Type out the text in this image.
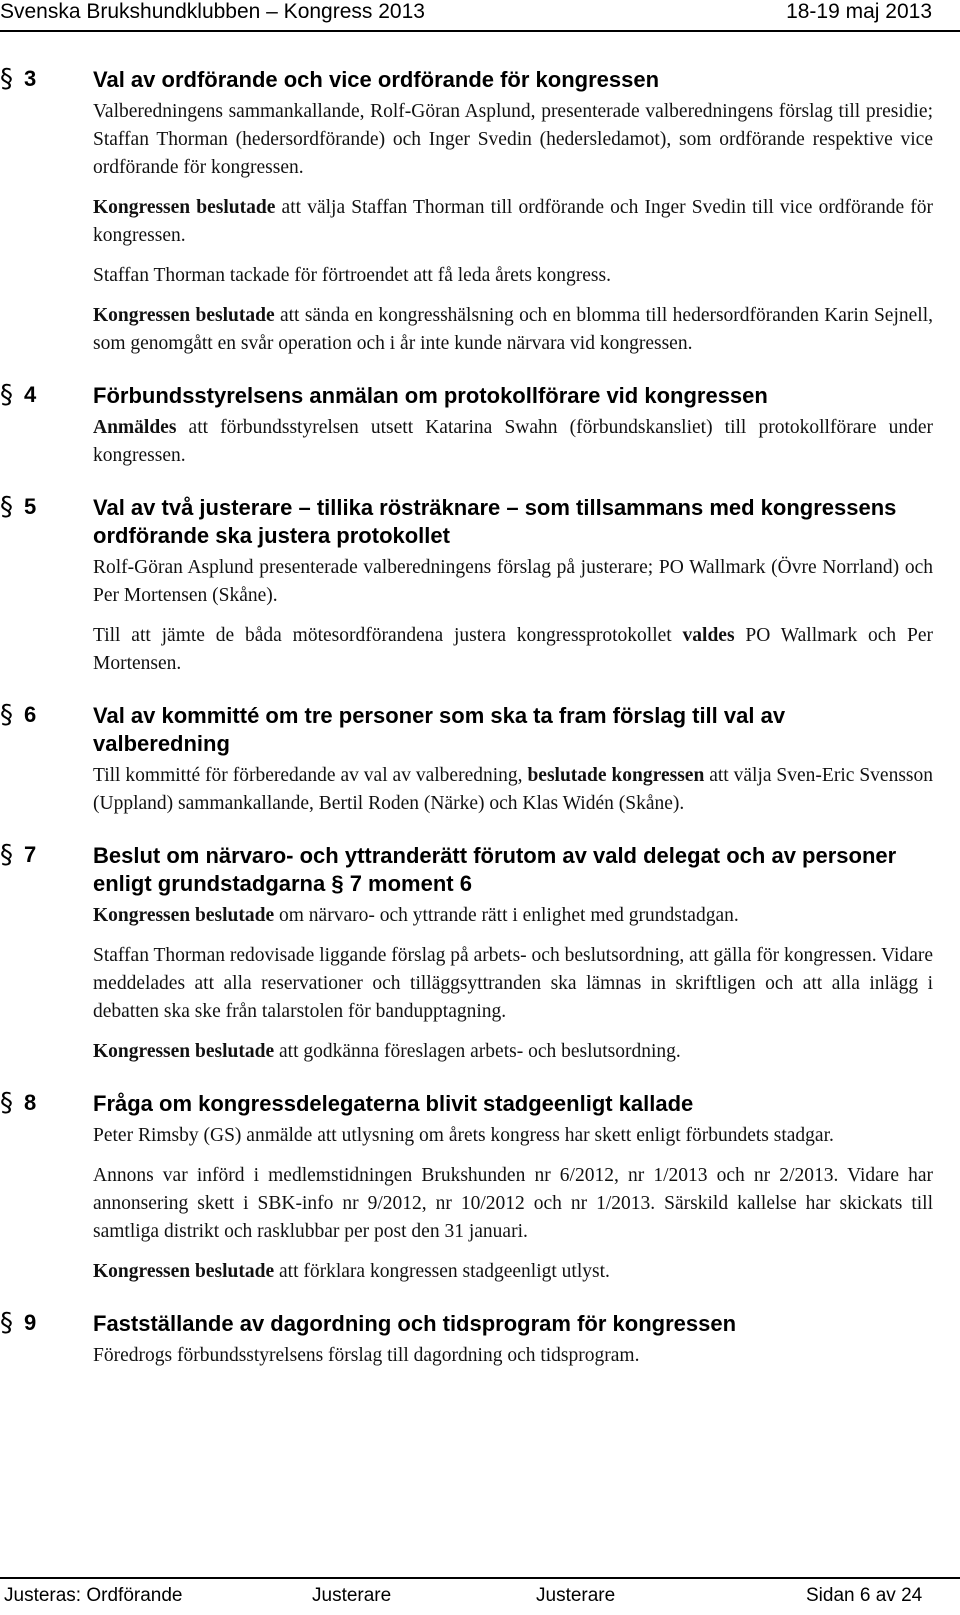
Svenska Brukshundklubben – Kongress 2013	18-19 maj 2013
§ 3	Val av ordförande och vice ordförande för kongressen
Valberedningens sammankallande, Rolf-Göran Asplund, presenterade valberedningens förslag till presidie; Staffan Thorman (hedersordförande) och Inger Svedin (hedersledamot), som ordförande respektive vice ordförande för kongressen.
Kongressen beslutade att välja Staffan Thorman till ordförande och Inger Svedin till vice ordförande för kongressen.
Staffan Thorman tackade för förtroendet att få leda årets kongress.
Kongressen beslutade att sända en kongresshälsning och en blomma till hedersordföranden Karin Sejnell, som genomgått en svår operation och i år inte kunde närvara vid kongressen.
§ 4	Förbundsstyrelsens anmälan om protokollförare vid kongressen
Anmäldes att förbundsstyrelsen utsett Katarina Swahn (förbundskansliet) till protokollförare under kongressen.
§ 5	Val av två justerare – tillika rösträknare – som tillsammans med kongressens ordförande ska justera protokollet
Rolf-Göran Asplund presenterade valberedningens förslag på justerare; PO Wallmark (Övre Norrland) och Per Mortensen (Skåne).
Till att jämte de båda mötesordförandena justera kongressprotokollet valdes PO Wallmark och Per Mortensen.
§ 6	Val av kommitté om tre personer som ska ta fram förslag till val av valberedning
Till kommitté för förberedande av val av valberedning, beslutade kongressen att välja Sven-Eric Svensson (Uppland) sammankallande, Bertil Roden (Närke) och Klas Widén (Skåne).
§ 7	Beslut om närvaro- och yttranderätt förutom av vald delegat och av personer enligt grundstadgarna § 7 moment 6
Kongressen beslutade om närvaro- och yttrande rätt i enlighet med grundstadgan.
Staffan Thorman redovisade liggande förslag på arbets- och beslutsordning, att gälla för kongressen. Vidare meddelades att alla reservationer och tilläggsyttranden ska lämnas in skriftligen och att alla inlägg i debatten ska ske från talarstolen för bandupptagning.
Kongressen beslutade att godkänna föreslagen arbets- och beslutsordning.
§ 8	Fråga om kongressdelegaterna blivit stadgeenligt kallade
Peter Rimsby (GS) anmälde att utlysning om årets kongress har skett enligt förbundets stadgar.
Annons var införd i medlemstidningen Brukshunden nr 6/2012, nr 1/2013 och nr 2/2013. Vidare har annonsering skett i SBK-info nr 9/2012, nr 10/2012 och nr 1/2013. Särskild kallelse har skickats till samtliga distrikt och rasklubbar per post den 31 januari.
Kongressen beslutade att förklara kongressen stadgeenligt utlyst.
§ 9	Fastställande av dagordning och tidsprogram för kongressen
Föredrogs förbundsstyrelsens förslag till dagordning och tidsprogram.
Justeras: Ordförande	Justerare	Justerare	Sidan 6 av 24
